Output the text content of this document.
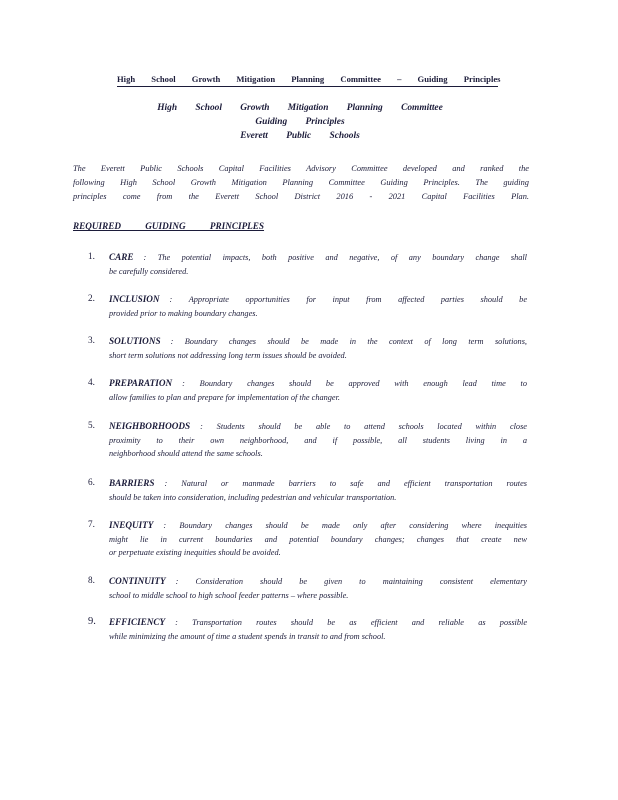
High School Growth Mitigation Planning Committee – Guiding Principles
High School Growth Mitigation Planning Committee
Guiding Principles
Everett Public Schools
The Everett Public Schools Capital Facilities Advisory Committee developed and ranked the
following High School Growth Mitigation Planning Committee Guiding Principles. The guiding
principles come from the Everett School District 2016 - 2021 Capital Facilities Plan.
REQUIRED GUIDING PRINCIPLES
1. CARE : The potential impacts, both positive and negative, of any boundary change shall
be carefully considered.
2. INCLUSION : Appropriate opportunities for input from affected parties should be
provided prior to making boundary changes.
3. SOLUTIONS : Boundary changes should be made in the context of long term solutions,
short term solutions not addressing long term issues should be avoided.
4. PREPARATION : Boundary changes should be approved with enough lead time to
allow families to plan and prepare for implementation of the changer.
5. NEIGHBORHOODS : Students should be able to attend schools located within close
proximity to their own neighborhood, and if possible, all students living in a
neighborhood should attend the same schools.
6. BARRIERS : Natural or manmade barriers to safe and efficient transportation routes
should be taken into consideration, including pedestrian and vehicular transportation.
7. INEQUITY : Boundary changes should be made only after considering where inequities
might lie in current boundaries and potential boundary changes; changes that create new
or perpetuate existing inequities should be avoided.
8. CONTINUITY : Consideration should be given to maintaining consistent elementary
school to middle school to high school feeder patterns – where possible.
9. EFFICIENCY : Transportation routes should be as efficient and reliable as possible
while minimizing the amount of time a student spends in transit to and from school.
